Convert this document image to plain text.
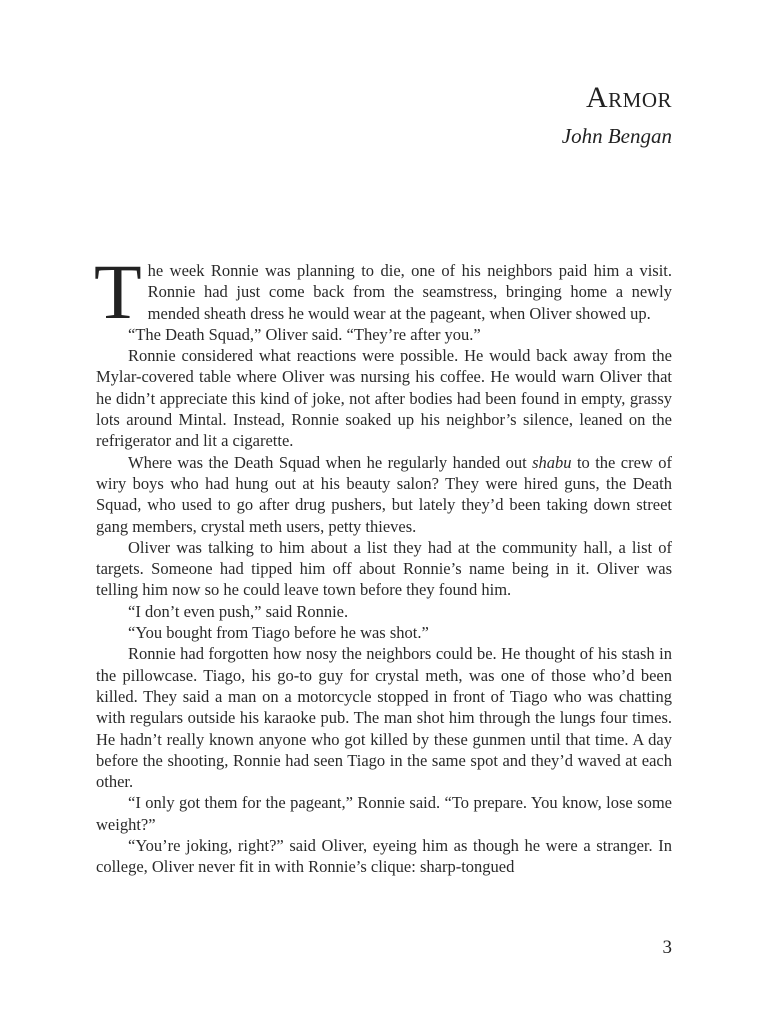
Armor
John Bengan

The week Ronnie was planning to die, one of his neighbors paid him a visit. Ronnie had just come back from the seamstress, bringing home a newly mended sheath dress he would wear at the pageant, when Oliver showed up.

“The Death Squad,” Oliver said. “They’re after you.”

Ronnie considered what reactions were possible. He would back away from the Mylar-covered table where Oliver was nursing his coffee. He would warn Oliver that he didn’t appreciate this kind of joke, not after bodies had been found in empty, grassy lots around Mintal. Instead, Ronnie soaked up his neighbor’s silence, leaned on the refrigerator and lit a cigarette.

Where was the Death Squad when he regularly handed out shabu to the crew of wiry boys who had hung out at his beauty salon? They were hired guns, the Death Squad, who used to go after drug pushers, but lately they’d been taking down street gang members, crystal meth users, petty thieves.

Oliver was talking to him about a list they had at the community hall, a list of targets. Someone had tipped him off about Ronnie’s name being in it. Oliver was telling him now so he could leave town before they found him.

“I don’t even push,” said Ronnie.

“You bought from Tiago before he was shot.”

Ronnie had forgotten how nosy the neighbors could be. He thought of his stash in the pillowcase. Tiago, his go-to guy for crystal meth, was one of those who’d been killed. They said a man on a motorcycle stopped in front of Tiago who was chatting with regulars outside his karaoke pub. The man shot him through the lungs four times. He hadn’t really known anyone who got killed by these gunmen until that time. A day before the shooting, Ronnie had seen Tiago in the same spot and they’d waved at each other.

“I only got them for the pageant,” Ronnie said. “To prepare. You know, lose some weight?”

“You’re joking, right?” said Oliver, eyeing him as though he were a stranger. In college, Oliver never fit in with Ronnie’s clique: sharp-tongued

3
